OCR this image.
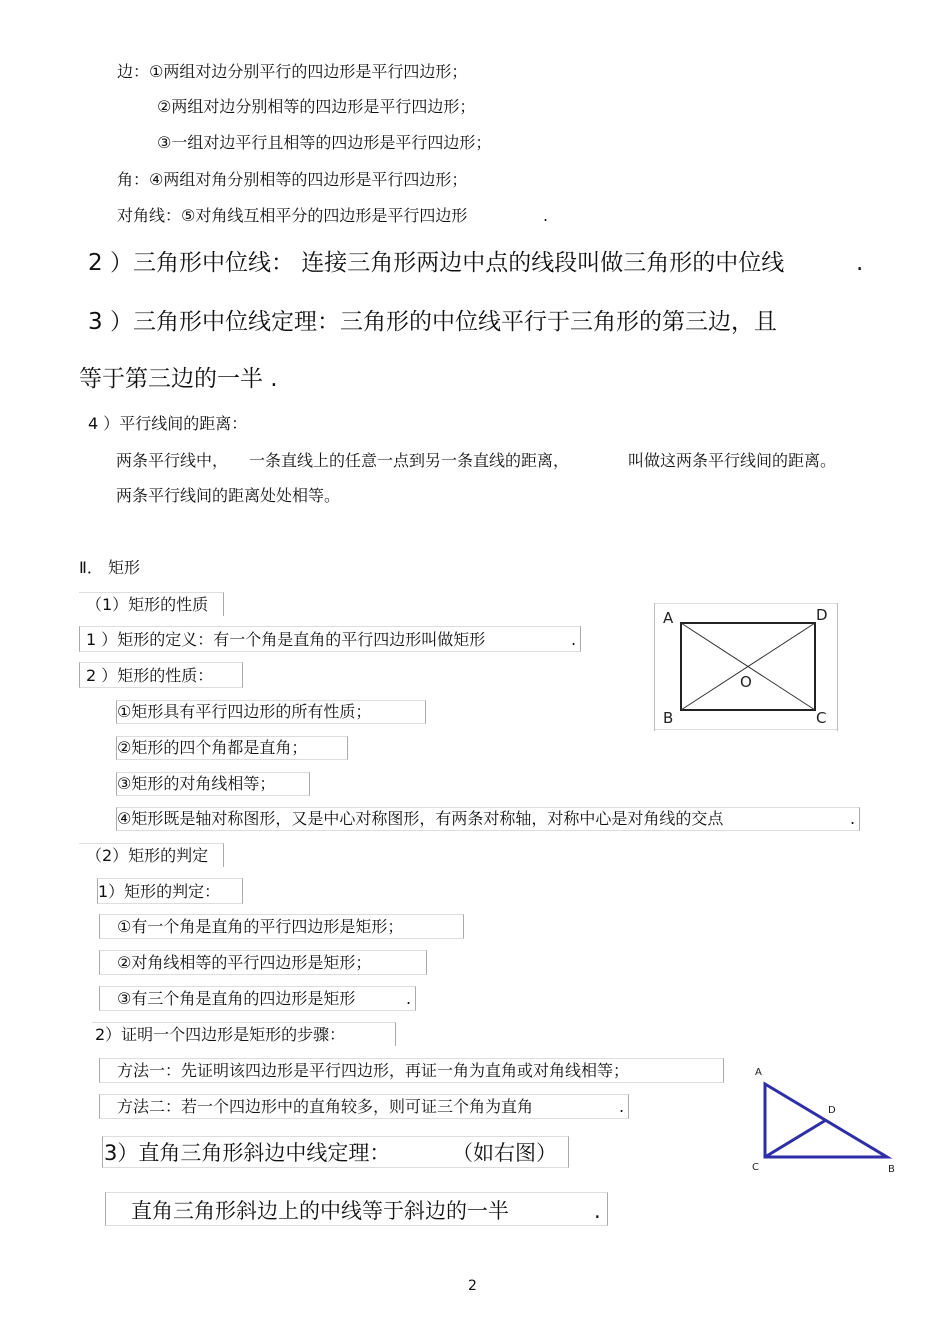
边：①两组对边分别平行的四边形是平行四边形；
②两组对边分别相等的四边形是平行四边形；
③一组对边平行且相等的四边形是平行四边形；
角：④两组对角分别相等的四边形是平行四边形；
对角线：⑤对角线互相平分的四边形是平行四边形	.
2 ）三角形中位线： 连接三角形两边中点的线段叫做三角形的中位线	.
3 ）三角形中位线定理：三角形的中位线平行于三角形的第三边，且
等于第三边的一半 .
4 ）平行线间的距离：
两条平行线中， 一条直线上的任意一点到另一条直线的距离，	叫做这两条平行线间的距离。
两条平行线间的距离处处相等。
Ⅱ． 矩形
（1）矩形的性质
1 ）矩形的定义：有一个角是直角的平行四边形叫做矩形	.
2 ）矩形的性质：
①矩形具有平行四边形的所有性质；
②矩形的四个角都是直角；
③矩形的对角线相等；
④矩形既是轴对称图形，又是中心对称图形，有两条对称轴，对称中心是对角线的交点	.
（2）矩形的判定
1）矩形的判定：
①有一个角是直角的平行四边形是矩形；
②对角线相等的平行四边形是矩形；
③有三个角是直角的四边形是矩形	.
2）证明一个四边形是矩形的步骤：
方法一：先证明该四边形是平行四边形，再证一角为直角或对角线相等；
方法二：若一个四边形中的直角较多，则可证三个角为直角	.
3）直角三角形斜边中线定理：	（如右图）
直角三角形斜边上的中线等于斜边的一半	.
A	D
B	C
O
A
D
C	B
2
